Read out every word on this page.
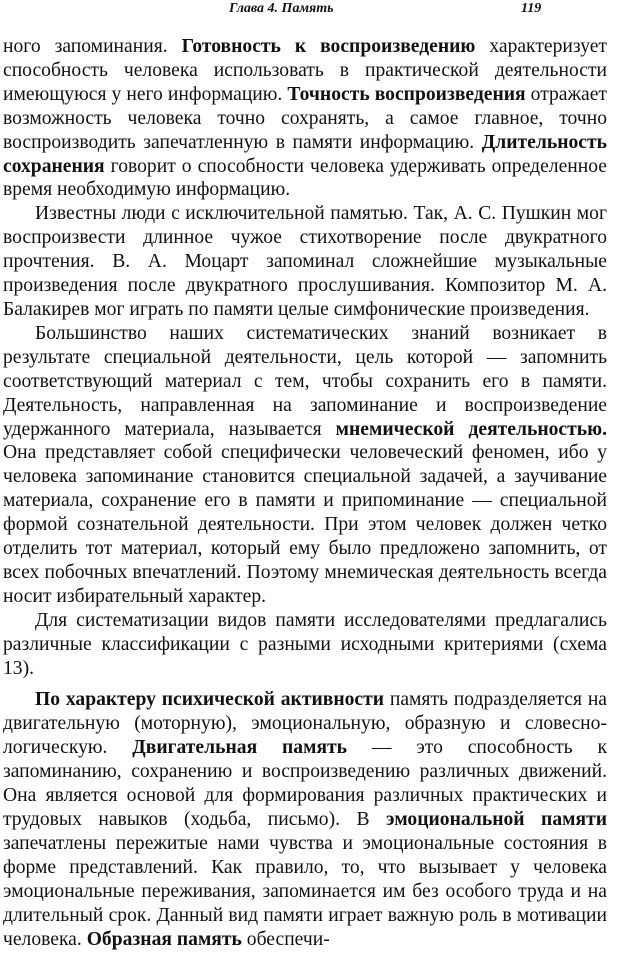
Глава 4. Память	119

ного запоминания. Готовность к воспроизведению характеризует способность человека использовать в практической деятельности имеющуюся у него информацию. Точность воспроизведения отражает возможность человека точно сохранять, а самое главное, точно воспроизводить запечатленную в памяти информацию. Длительность сохранения говорит о способности человека удерживать определенное время необходимую информацию.

Известны люди с исключительной памятью. Так, А. С. Пушкин мог воспроизвести длинное чужое стихотворение после двукратного прочтения. В. А. Моцарт запоминал сложнейшие музыкальные произведения после двукратного прослушивания. Композитор М. А. Балакирев мог играть по памяти целые симфонические произведения.

Большинство наших систематических знаний возникает в результате специальной деятельности, цель которой — запомнить соответствующий материал с тем, чтобы сохранить его в памяти. Деятельность, направленная на запоминание и воспроизведение удержанного материала, называется мнемической деятельностью. Она представляет собой специфически человеческий феномен, ибо у человека запоминание становится специальной задачей, а заучивание материала, сохранение его в памяти и припоминание — специальной формой сознательной деятельности. При этом человек должен четко отделить тот материал, который ему было предложено запомнить, от всех побочных впечатлений. Поэтому мнемическая деятельность всегда носит избирательный характер.

Для систематизации видов памяти исследователями предлагались различные классификации с разными исходными критериями (схема 13).

По характеру психической активности память подразделяется на двигательную (моторную), эмоциональную, образную и словесно-логическую. Двигательная память — это способность к запоминанию, сохранению и воспроизведению различных движений. Она является основой для формирования различных практических и трудовых навыков (ходьба, письмо). В эмоциональной памяти запечатлены пережитые нами чувства и эмоциональные состояния в форме представлений. Как правило, то, что вызывает у человека эмоциональные переживания, запоминается им без особого труда и на длительный срок. Данный вид памяти играет важную роль в мотивации человека. Образная память обеспечи-
